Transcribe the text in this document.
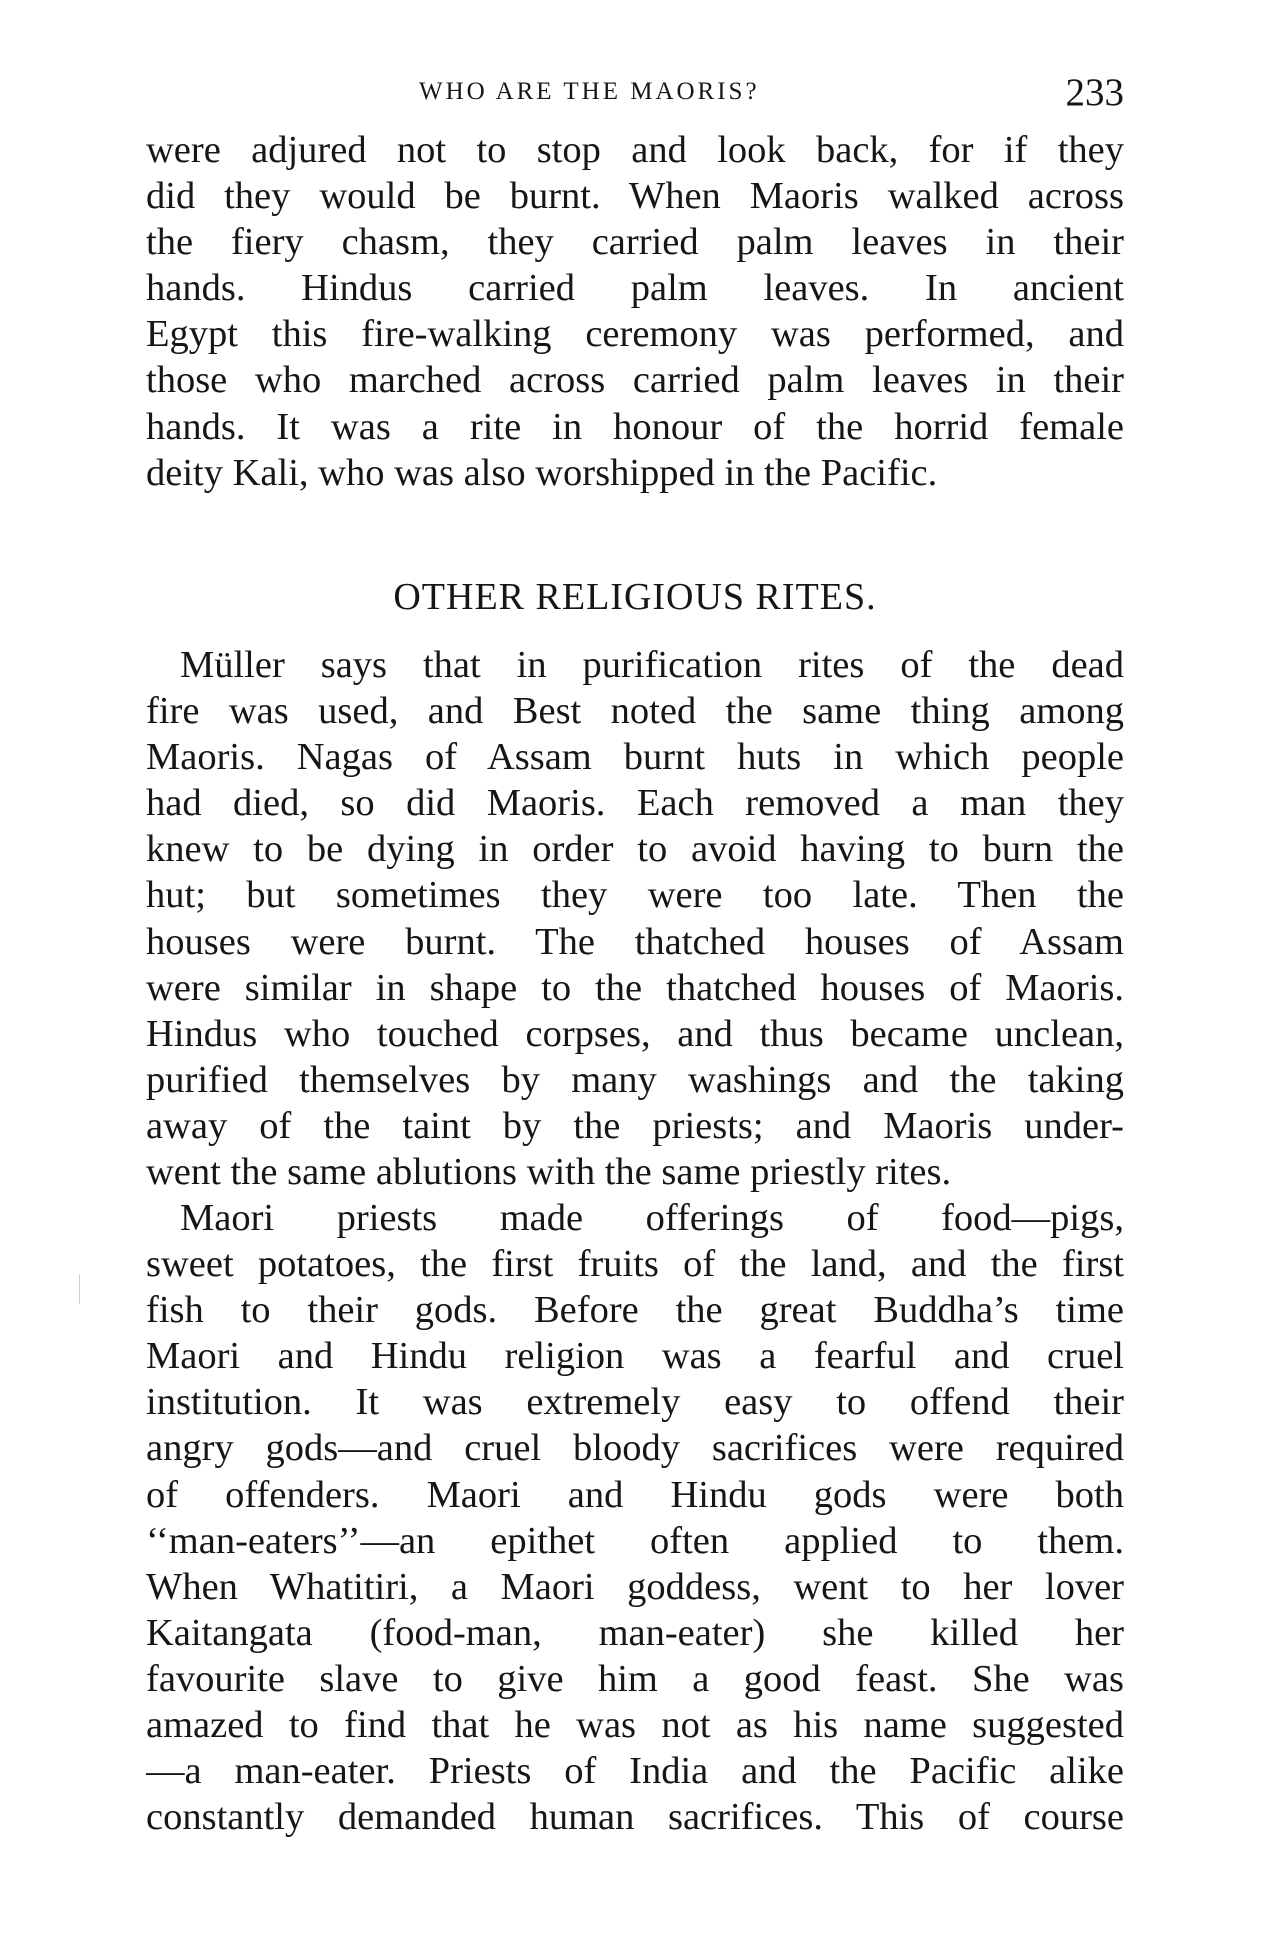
WHO ARE THE MAORIS?	233
were adjured not to stop and look back, for if they
did they would be burnt. When Maoris walked across
the fiery chasm, they carried palm leaves in their
hands. Hindus carried palm leaves. In ancient
Egypt this fire-walking ceremony was performed, and
those who marched across carried palm leaves in their
hands. It was a rite in honour of the horrid female
deity Kali, who was also worshipped in the Pacific.
OTHER RELIGIOUS RITES.
Müller says that in purification rites of the dead
fire was used, and Best noted the same thing among
Maoris. Nagas of Assam burnt huts in which people
had died, so did Maoris. Each removed a man they
knew to be dying in order to avoid having to burn the
hut; but sometimes they were too late. Then the
houses were burnt. The thatched houses of Assam
were similar in shape to the thatched houses of Maoris.
Hindus who touched corpses, and thus became unclean,
purified themselves by many washings and the taking
away of the taint by the priests; and Maoris under-
went the same ablutions with the same priestly rites.
Maori priests made offerings of food—pigs,
sweet potatoes, the first fruits of the land, and the first
fish to their gods. Before the great Buddha’s time
Maori and Hindu religion was a fearful and cruel
institution. It was extremely easy to offend their
angry gods—and cruel bloody sacrifices were required
of offenders. Maori and Hindu gods were both
‘‘man-eaters’’—an epithet often applied to them.
When Whatitiri, a Maori goddess, went to her lover
Kaitangata (food-man, man-eater) she killed her
favourite slave to give him a good feast. She was
amazed to find that he was not as his name suggested
—a man-eater. Priests of India and the Pacific alike
constantly demanded human sacrifices. This of course
